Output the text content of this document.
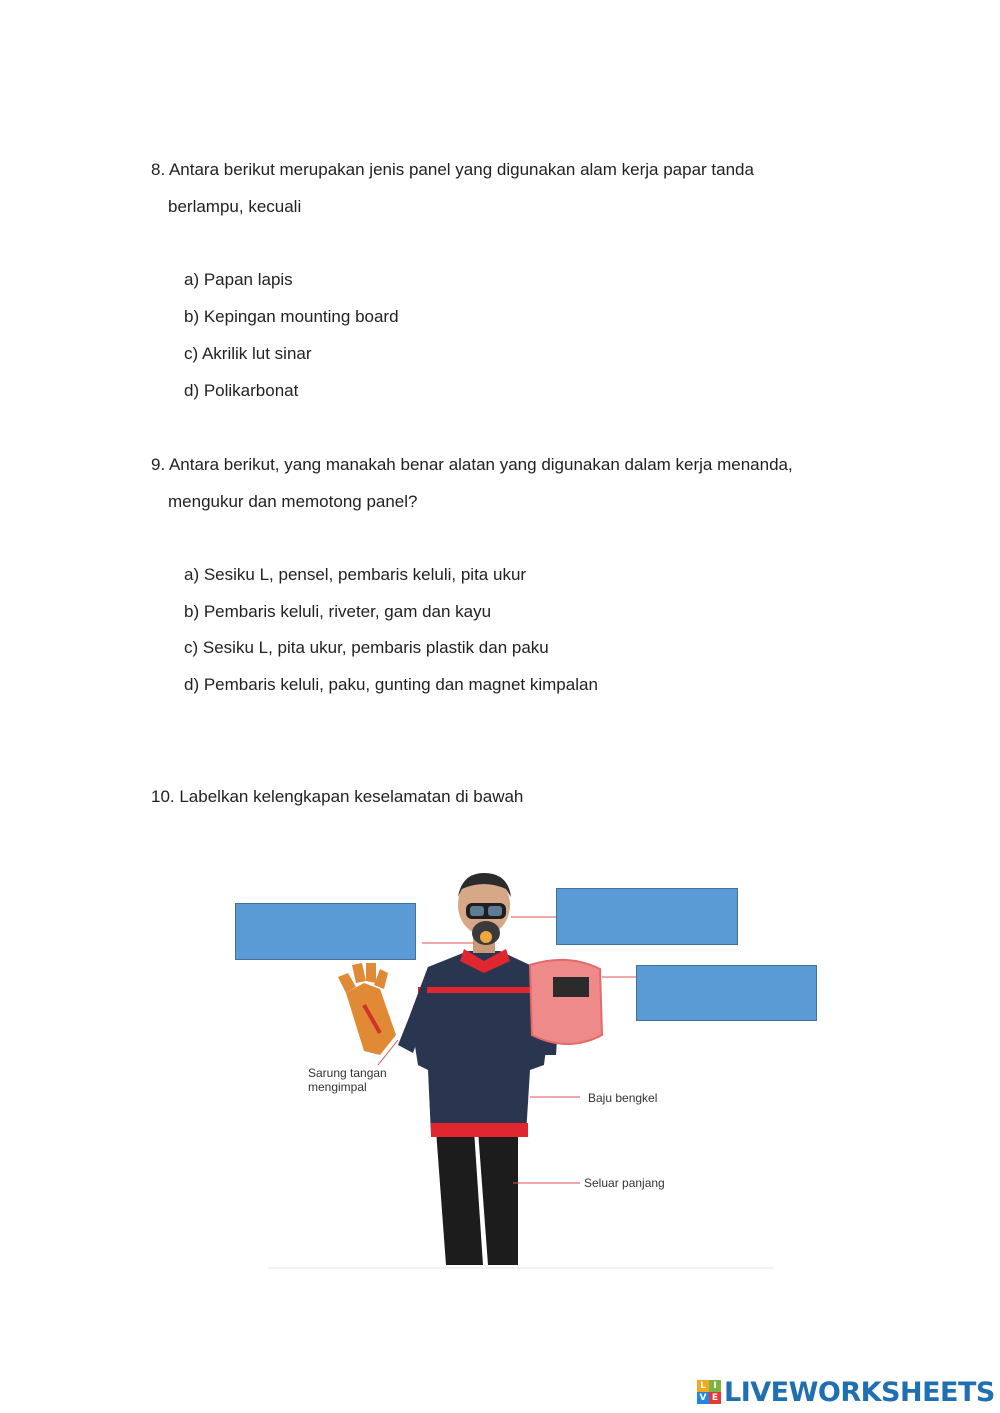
8. Antara berikut merupakan jenis panel yang digunakan alam kerja papar tanda
berlampu, kecuali
a) Papan lapis
b) Kepingan mounting board
c) Akrilik lut sinar
d) Polikarbonat
9. Antara berikut, yang manakah benar alatan yang digunakan dalam kerja menanda,
mengukur dan memotong panel?
a) Sesiku L, pensel, pembaris keluli, pita ukur
b) Pembaris keluli, riveter, gam dan kayu
c) Sesiku L, pita ukur, pembaris plastik dan paku
d) Pembaris keluli, paku, gunting dan magnet kimpalan
10. Labelkan kelengkapan keselamatan di bawah
Sarung tangan
mengimpal
Baju bengkel
Seluar panjang
L I
V E LIVEWORKSHEETS
